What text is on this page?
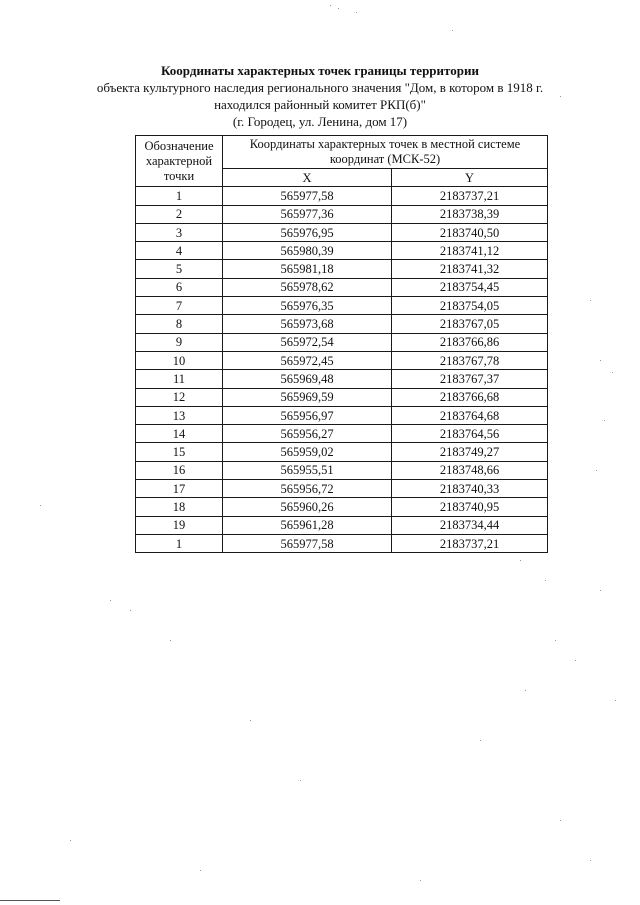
Координаты характерных точек границы территории
объекта культурного наследия регионального значения "Дом, в котором в 1918 г.
находился районный комитет РКП(б)"
(г. Городец, ул. Ленина, дом 17)
Обозначение характерной точки	Координаты характерных точек в местной системе координат (МСК-52)	
	X	Y
1	565977,58	2183737,21
2	565977,36	2183738,39
3	565976,95	2183740,50
4	565980,39	2183741,12
5	565981,18	2183741,32
6	565978,62	2183754,45
7	565976,35	2183754,05
8	565973,68	2183767,05
9	565972,54	2183766,86
10	565972,45	2183767,78
11	565969,48	2183767,37
12	565969,59	2183766,68
13	565956,97	2183764,68
14	565956,27	2183764,56
15	565959,02	2183749,27
16	565955,51	2183748,66
17	565956,72	2183740,33
18	565960,26	2183740,95
19	565961,28	2183734,44
1	565977,58	2183737,21
